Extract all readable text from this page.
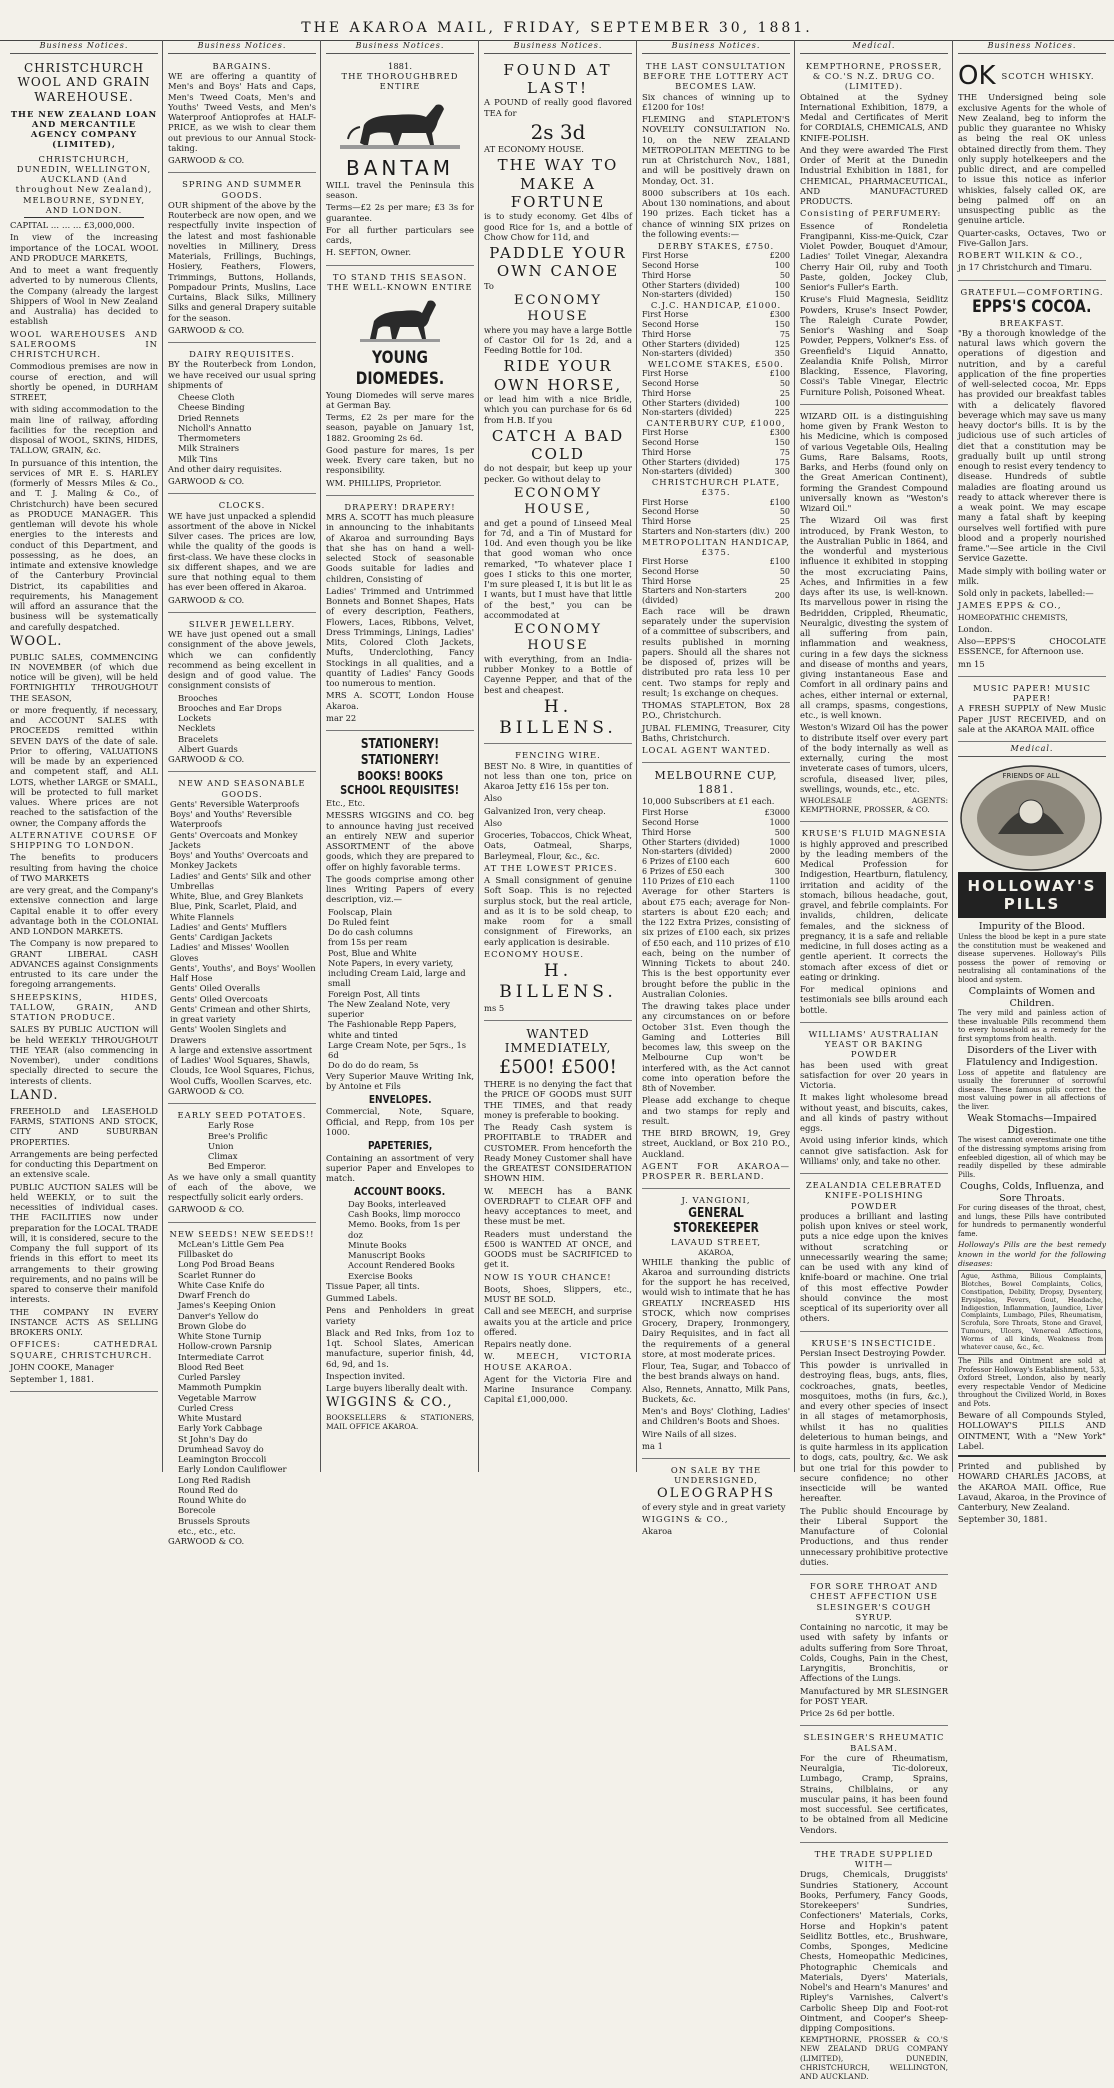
THE AKAROA MAIL, FRIDAY, SEPTEMBER 30, 1881.
Business Notices.
CHRISTCHURCH WOOL AND GRAIN WAREHOUSE.
THE NEW ZEALAND LOAN AND MERCANTILE AGENCY COMPANY (LIMITED),
CHRISTCHURCH, DUNEDIN, WELLINGTON, AUCKLAND (And throughout New Zealand), MELBOURNE, SYDNEY, AND LONDON.

CAPITAL … … … £3,000,000.

In view of the increasing importance of the LOCAL WOOL AND PRODUCE MARKETS,

And to meet a want frequently adverted to by numerous Clients, the Company (already the largest Shippers of Wool in New Zealand and Australia) has decided to establish

WOOL WAREHOUSES AND SALEROOMS IN CHRISTCHURCH.

Commodious premises are now in course of erection, and will shortly be opened, in DURHAM STREET,

with siding accommodation to the main line of railway, affording facilities for the reception and disposal of WOOL, SKINS, HIDES, TALLOW, GRAIN, &c.

In pursuance of this intention, the services of MR E. S. HARLEY (formerly of Messrs Miles & Co., and T. J. Maling & Co., of Christchurch) have been secured as PRODUCE MANAGER. This gentleman will devote his whole energies to the interests and conduct of this Department, and possessing, as he does, an intimate and extensive knowledge of the Canterbury Provincial District, its capabilities and requirements, his Management will afford an assurance that the business will be systematically and carefully despatched.

WOOL.

PUBLIC SALES, COMMENCING IN NOVEMBER (of which due notice will be given), will be held FORTNIGHTLY THROUGHOUT THE SEASON,

or more frequently, if necessary, and ACCOUNT SALES with PROCEEDS remitted within SEVEN DAYS of the date of sale. Prior to offering, VALUATIONS will be made by an experienced and competent staff, and ALL LOTS, whether LARGE or SMALL, will be protected to full market values. Where prices are not reached to the satisfaction of the owner, the Company affords the

ALTERNATIVE COURSE OF SHIPPING TO LONDON.

The benefits to producers resulting from having the choice of TWO MARKETS

are very great, and the Company's extensive connection and large Capital enable it to offer every advantage both in the COLONIAL AND LONDON MARKETS.

The Company is now prepared to GRANT LIBERAL CASH ADVANCES against Consignments entrusted to its care under the foregoing arrangements.

SHEEPSKINS, HIDES, TALLOW, GRAIN, AND STATION PRODUCE.

SALES BY PUBLIC AUCTION will be held WEEKLY THROUGHOUT THE YEAR (also commencing in November), under conditions specially directed to secure the interests of clients.

LAND.

FREEHOLD and LEASEHOLD FARMS, STATIONS AND STOCK, CITY AND SUBURBAN PROPERTIES.

Arrangements are being perfected for conducting this Department on an extensive scale.

PUBLIC AUCTION SALES will be held WEEKLY, or to suit the necessities of individual cases. THE FACILITIES now under preparation for the LOCAL TRADE will, it is considered, secure to the Company the full support of its friends in this effort to meet its arrangements to their growing requirements, and no pains will be spared to conserve their manifold interests.

THE COMPANY IN EVERY INSTANCE ACTS AS SELLING BROKERS ONLY.

OFFICES: CATHEDRAL SQUARE, CHRISTCHURCH.

JOHN COOKE, Manager

September 1, 1881.

Business Notices.
BARGAINS.

WE are offering a quantity of Men's and Boys' Hats and Caps, Men's Tweed Coats, Men's and Youths' Tweed Vests, and Men's Waterproof Antioprofes at HALF-PRICE, as we wish to clear them out previous to our Annual Stock-taking.

GARWOOD & CO.

SPRING AND SUMMER GOODS.

OUR shipment of the above by the Routerbeck are now open, and we respectfully invite inspection of the latest and most fashionable novelties in Millinery, Dress Materials, Frillings, Buchings, Hosiery, Feathers, Flowers, Trimmings, Buttons, Hollands, Pompadour Prints, Muslins, Lace Curtains, Black Silks, Millinery Silks and general Drapery suitable for the season.

GARWOOD & CO.

DAIRY REQUISITES.

BY the Routerbeck from London, we have received our usual spring shipments of

Cheese Cloth
Cheese Binding
Dried Rennets
Nicholl's Annatto
Thermometers
Milk Strainers
Milk Tins

And other dairy requisites.

GARWOOD & CO.

CLOCKS.

WE have just unpacked a splendid assortment of the above in Nickel Silver cases. The prices are low, while the quality of the goods is first-class. We have these clocks in six different shapes, and we are sure that nothing equal to them has ever been offered in Akaroa.

GARWOOD & CO.

SILVER JEWELLERY.

WE have just opened out a small consignment of the above jewels, which we can confidently recommend as being excellent in design and of good value. The consignment consists of

Brooches
Brooches and Ear Drops
Lockets
Necklets
Bracelets
Albert Guards

GARWOOD & CO.

NEW AND SEASONABLE GOODS.
Gents' Reversible Waterproofs
Boys' and Youths' Reversible Waterproofs
Gents' Overcoats and Monkey Jackets
Boys' and Youths' Overcoats and Monkey Jackets
Ladies' and Gents' Silk and other Umbrellas
White, Blue, and Grey Blankets
Blue, Pink, Scarlet, Plaid, and White Flannels
Ladies' and Gents' Mufflers
Gents' Cardigan Jackets
Ladies' and Misses' Woollen Gloves
Gents', Youths', and Boys' Woollen Half Hose
Gents' Oiled Overalls
Gents' Oiled Overcoats
Gents' Crimean and other Shirts, in great variety
Gents' Woolen Singlets and Drawers
A large and extensive assortment of Ladies' Wool Squares, Shawls, Clouds, Ice Wool Squares, Fichus, Wool Cuffs, Woollen Scarves, etc.

GARWOOD & CO.

EARLY SEED POTATOES.
Early Rose
Bree's Prolific
Union
Climax
Bed Emperor.

As we have only a small quantity of each of the above, we respectfully solicit early orders.

GARWOOD & CO.

NEW SEEDS! NEW SEEDS!!
McLean's Little Gem Pea
Fillbasket do
Long Pod Broad Beans
Scarlet Runner do
White Case Knife do
Dwarf French do
James's Keeping Onion
Danver's Yellow do
Brown Globe do
White Stone Turnip
Hollow-crown Parsnip
Intermediate Carrot
Blood Red Beet
Curled Parsley
Mammoth Pumpkin
Vegetable Marrow
Curled Cress
White Mustard
Early York Cabbage
St John's Day do
Drumhead Savoy do
Leamington Broccoli
Early London Cauliflower
Long Red Radish
Round Red do
Round White do
Borecole
Brussels Sprouts
etc., etc., etc.

GARWOOD & CO.

Business Notices.
1881.
THE THOROUGHBRED ENTIRE
BANTAM

WILL travel the Peninsula this season.

Terms—£2 2s per mare; £3 3s for guarantee.

For all further particulars see cards,

H. SEFTON, Owner.

TO STAND THIS SEASON.
THE WELL-KNOWN ENTIRE
YOUNG DIOMEDES.

Young Diomedes will serve mares at German Bay.

Terms, £2 2s per mare for the season, payable on January 1st, 1882. Grooming 2s 6d.

Good pasture for mares, 1s per week. Every care taken, but no responsibility.

WM. PHILLIPS, Proprietor.

DRAPERY! DRAPERY!

MRS A. SCOTT has much pleasure in announcing to the inhabitants of Akaroa and surrounding Bays that she has on hand a well-selected Stock of seasonable Goods suitable for ladies and children, Consisting of

Ladies' Trimmed and Untrimmed Bonnets and Bonnet Shapes, Hats of every description, Feathers, Flowers, Laces, Ribbons, Velvet, Dress Trimmings, Linings, Ladies' Mits, Colored Cloth Jackets, Mufts, Underclothing, Fancy Stockings in all qualities, and a quantity of Ladies' Fancy Goods too numerous to mention.

MRS A. SCOTT, London House Akaroa.

mar 22

STATIONERY! STATIONERY!
BOOKS! BOOKS
SCHOOL REQUISITES!

Etc., Etc.

MESSRS WIGGINS and CO. beg to announce having just received an entirely NEW and superior ASSORTMENT of the above goods, which they are prepared to offer on highly favorable terms.

The goods comprise among other lines Writing Papers of every description, viz.—

Foolscap, Plain
Do Ruled feint
Do do cash columns
from 15s per ream
Post, Blue and White
Note Papers, in every variety, including Cream Laid, large and small
Foreign Post, All tints
The New Zealand Note, very superior
The Fashionable Repp Papers, white and tinted
Large Cream Note, per 5qrs., 1s 6d
Do do do do ream, 5s

Very Superior Mauve Writing Ink, by Antoine et Fils

ENVELOPES.

Commercial, Note, Square, Official, and Repp, from 10s per 1000.

PAPETERIES,

Containing an assortment of very superior Paper and Envelopes to match.

ACCOUNT BOOKS.
Day Books, interleaved
Cash Books, limp morocco
Memo. Books, from 1s per doz
Minute Books
Manuscript Books
Account Rendered Books
Exercise Books

Tissue Paper, all tints.

Gummed Labels.

Pens and Penholders in great variety

Black and Red Inks, from 1oz to 1qt. School Slates, American manufacture, superior finish, 4d, 6d, 9d, and 1s.

Inspection invited.

Large buyers liberally dealt with.

WIGGINS & CO.,

BOOKSELLERS & STATIONERS, MAIL OFFICE AKAROA.

Business Notices.
FOUND AT LAST!

A POUND of really good flavored TEA for

2s 3d

AT ECONOMY HOUSE.

THE WAY TO MAKE A FORTUNE

is to study economy. Get 4lbs of good Rice for 1s, and a bottle of Chow Chow for 11d, and

PADDLE YOUR OWN CANOE

To

ECONOMY HOUSE

where you may have a large Bottle of Castor Oil for 1s 2d, and a Feeding Bottle for 10d.

RIDE YOUR OWN HORSE,

or lead him with a nice Bridle, which you can purchase for 6s 6d from H.B. If you

CATCH A BAD COLD

do not despair, but keep up your pecker. Go without delay to

ECONOMY HOUSE,

and get a pound of Linseed Meal for 7d, and a Tin of Mustard for 10d. And even though you be like that good woman who once remarked, "To whatever place I goes I sticks to this one morter, I'm sure pleased I, it is but lit le as I wants, but I must have that little of the best," you can be accommodated at

ECONOMY HOUSE

with everything, from an India-rubber Monkey to a Bottle of Cayenne Pepper, and that of the best and cheapest.

H. BILLENS.
FENCING WIRE.

BEST No. 8 Wire, in quantities of not less than one ton, price on Akaroa Jetty £16 15s per ton.

Also

Galvanized Iron, very cheap.

Also

Groceries, Tobaccos, Chick Wheat, Oats, Oatmeal, Sharps, Barleymeal, Flour, &c., &c.

AT THE LOWEST PRICES.

A Small consignment of genuine Soft Soap. This is no rejected surplus stock, but the real article, and as it is to be sold cheap, to make room for a small consignment of Fireworks, an early application is desirable.

ECONOMY HOUSE.

H. BILLENS.

ms 5

WANTED IMMEDIATELY,
£500! £500!

THERE is no denying the fact that the PRICE OF GOODS must SUIT THE TIMES, and that ready money is preferable to booking.

The Ready Cash system is PROFITABLE to TRADER and CUSTOMER. From henceforth the Ready Money Customer shall have the GREATEST CONSIDERATION SHOWN HIM.

W. MEECH has a BANK OVERDRAFT to CLEAR OFF and heavy acceptances to meet, and these must be met.

Readers must understand the £500 is WANTED AT ONCE, and GOODS must be SACRIFICED to get it.

NOW IS YOUR CHANCE!

Boots, Shoes, Slippers, etc., MUST BE SOLD.

Call and see MEECH, and surprise awaits you at the article and price offered.

Repairs neatly done.

W. MEECH, VICTORIA HOUSE AKAROA.

Agent for the Victoria Fire and Marine Insurance Company. Capital £1,000,000.

Business Notices.
THE LAST CONSULTATION BEFORE THE LOTTERY ACT BECOMES LAW.

Six chances of winning up to £1200 for 10s!

FLEMING and STAPLETON'S NOVELTY CONSULTATION No. 10, on the NEW ZEALAND METROPOLITAN MEETING to be run at Christchurch Nov., 1881, and will be positively drawn on Monday, Oct. 31.

8000 subscribers at 10s each. About 130 nominations, and about 190 prizes. Each ticket has a chance of winning SIX prizes on the following events:—

DERBY STAKES, £750.
First Horse	£200
Second Horse	100
Third Horse	50
Other Starters (divided)	100
Non-starters (divided)	150
C.J.C. HANDICAP, £1000.
First Horse	£300
Second Horse	150
Third Horse	75
Other Starters (divided)	125
Non-starters (divided)	350
WELCOME STAKES, £500.
First Horse	£100
Second Horse	50
Third Horse	25
Other Starters (divided)	100
Non-starters (divided)	225
CANTERBURY CUP, £1000,
First Horse	£300
Second Horse	150
Third Horse	75
Other Starters (divided)	175
Non-starters (divided)	300
CHRISTCHURCH PLATE, £375.
First Horse	£100
Second Horse	50
Third Horse	25
Starters and Non-starters (div.)	200
METROPOLITAN HANDICAP, £375.
First Horse	£100
Second Horse	50
Third Horse	25
Starters and Non-starters (divided)	200

Each race will be drawn separately under the supervision of a committee of subscribers, and results published in morning papers. Should all the shares not be disposed of, prizes will be distributed pro rata less 10 per cent. Two stamps for reply and result; 1s exchange on cheques.

THOMAS STAPLETON, Box 28 P.O., Christchurch.

JUBAL FLEMING, Treasurer, City Baths, Christchurch.

LOCAL AGENT WANTED.

MELBOURNE CUP, 1881.

10,000 Subscribers at £1 each.

First Horse	£3000
Second Horse	1000
Third Horse	500
Other Starters (divided)	1000
Non-starters (divided)	2000
6 Prizes of £100 each	600
6 Prizes of £50 each	300
110 Prizes of £10 each	1100

Average for other Starters is about £75 each; average for Non-starters is about £20 each; and the 122 Extra Prizes, consisting of six prizes of £100 each, six prizes of £50 each, and 110 prizes of £10 each, being on the number of Winning Tickets to about 240. This is the best opportunity ever brought before the public in the Australian Colonies.

The drawing takes place under any circumstances on or before October 31st. Even though the Gaming and Lotteries Bill becomes law, this sweep on the Melbourne Cup won't be interfered with, as the Act cannot come into operation before the 8th of November.

Please add exchange to cheque and two stamps for reply and result.

THE BIRD BROWN, 19, Grey street, Auckland, or Box 210 P.O., Auckland.

AGENT FOR AKAROA—PROSPER R. BERLAND.

J. VANGIONI,
GENERAL STOREKEEPER
LAVAUD STREET,
AKAROA,

WHILE thanking the public of Akaroa and surrounding districts for the support he has received, would wish to intimate that he has GREATLY INCREASED HIS STOCK, which now comprises Grocery, Drapery, Ironmongery, Dairy Requisites, and in fact all the requirements of a general store, at most moderate prices.

Flour, Tea, Sugar, and Tobacco of the best brands always on hand.

Also, Rennets, Annatto, Milk Pans, Buckets, &c.

Men's and Boys' Clothing, Ladies' and Children's Boots and Shoes.

Wire Nails of all sizes.

ma 1

ON SALE BY THE UNDERSIGNED,
OLEOGRAPHS

of every style and in great variety

WIGGINS & CO.,

Akaroa

Medical.
KEMPTHORNE, PROSSER, & CO.'S N.Z. DRUG CO. (LIMITED).

Obtained at the Sydney International Exhibition, 1879, a Medal and Certificates of Merit for CORDIALS, CHEMICALS, AND KNIFE-POLISH.

And they were awarded The First Order of Merit at the Dunedin Industrial Exhibition in 1881, for CHEMICAL, PHARMACEUTICAL, AND MANUFACTURED PRODUCTS.

Consisting of PERFUMERY:

Essence of Rondeletia Frangipanni, Kiss-me-Quick, Czar Violet Powder, Bouquet d'Amour, Ladies' Toilet Vinegar, Alexandra Cherry Hair Oil, ruby and Tooth Paste, golden, Jockey Club, Senior's Fuller's Earth.

Kruse's Fluid Magnesia, Seidlitz Powders, Kruse's Insect Powder, The Raleigh Curate Powder, Senior's Washing and Soap Powder, Peppers, Volkner's Ess. of Greenfield's Liquid Annatto, Zealandia Knife Polish, Mirror Blacking, Essence, Flavoring, Cossi's Table Vinegar, Electric Furniture Polish, Poisoned Wheat.

WIZARD OIL is a distinguishing home given by Frank Weston to his Medicine, which is composed of various Vegetable Oils, Healing Gums, Rare Balsams, Roots, Barks, and Herbs (found only on the Great American Continent), forming the Grandest Compound universally known as "Weston's Wizard Oil."

The Wizard Oil was first introduced, by Frank Weston, to the Australian Public in 1864, and the wonderful and mysterious influence it exhibited in stopping the most excruciating Pains, Aches, and Infirmities in a few days after its use, is well-known. Its marvellous power in rising the Bedridden, Crippled, Rheumatic, Neuralgic, divesting the system of all suffering from pain, inflammation and weakness, curing in a few days the sickness and disease of months and years, giving instantaneous Ease and Comfort in all ordinary pains and aches, either internal or external, all cramps, spasms, congestions, etc., is well known.

Weston's Wizard Oil has the power to distribute itself over every part of the body internally as well as externally, curing the most inveterate cases of tumors, ulcers, scrofula, diseased liver, piles, swellings, wounds, etc., etc.

WHOLESALE AGENTS: KEMPTHORNE, PROSSER, & CO.

KRUSE'S FLUID MAGNESIA

is highly approved and prescribed by the leading members of the Medical Profession for Indigestion, Heartburn, flatulency, irritation and acidity of the stomach, bilious headache, gout, gravel, and febrile complaints. For invalids, children, delicate females, and the sickness of pregnancy, it is a safe and reliable medicine, in full doses acting as a gentle aperient. It corrects the stomach after excess of diet or eating or drinking.

For medical opinions and testimonials see bills around each bottle.

WILLIAMS' AUSTRALIAN YEAST OR BAKING POWDER

has been used with great satisfaction for over 20 years in Victoria.

It makes light wholesome bread without yeast, and biscuits, cakes, and all kinds of pastry without eggs.

Avoid using inferior kinds, which cannot give satisfaction. Ask for Williams' only, and take no other.

ZEALANDIA CELEBRATED KNIFE-POLISHING POWDER

produces a brilliant and lasting polish upon knives or steel work, puts a nice edge upon the knives without scratching or unnecessarily wearing the same; can be used with any kind of knife-board or machine. One trial of this most effective Powder should convince the most sceptical of its superiority over all others.

KRUSE'S INSECTICIDE.

Persian Insect Destroying Powder.

This powder is unrivalled in destroying fleas, bugs, ants, flies, cockroaches, gnats, beetles, mosquitoes, moths (in furs, &c.), and every other species of insect in all stages of metamorphosis, whilst it has no qualities deleterious to human beings, and is quite harmless in its application to dogs, cats, poultry, &c. We ask but one trial for this powder to secure confidence; no other insecticide will be wanted hereafter.

The Public should Encourage by their Liberal Support the Manufacture of Colonial Productions, and thus render unnecessary prohibitive protective duties.

FOR SORE THROAT AND CHEST AFFECTION USE SLESINGER'S COUGH SYRUP.

Containing no narcotic, it may be used with safety by infants or adults suffering from Sore Throat, Colds, Coughs, Pain in the Chest, Laryngitis, Bronchitis, or Affections of the Lungs.

Manufactured by MR SLESINGER for POST YEAR.

Price 2s 6d per bottle.

SLESINGER'S RHEUMATIC BALSAM.

For the cure of Rheumatism, Neuralgia, Tic-doloreux, Lumbago, Cramp, Sprains, Strains, Chilblains, or any muscular pains, it has been found most successful. See certificates, to be obtained from all Medicine Vendors.

THE TRADE SUPPLIED WITH—

Drugs, Chemicals, Druggists' Sundries Stationery, Account Books, Perfumery, Fancy Goods, Storekeepers' Sundries, Confectioners' Materials, Corks, Horse and Hopkin's patent Seidlitz Bottles, etc., Brushware, Combs, Sponges, Medicine Chests, Homeopathic Medicines, Photographic Chemicals and Materials, Dyers' Materials, Nobel's and Hearn's Manures' and Ripley's Varnishes, Calvert's Carbolic Sheep Dip and Foot-rot Ointment, and Cooper's Sheep-dipping Compositions.

KEMPTHORNE, PROSSER & CO.'S NEW ZEALAND DRUG COMPANY (LIMITED), DUNEDIN, CHRISTCHURCH, WELLINGTON, AND AUCKLAND.

Business Notices.
OK SCOTCH WHISKY.

THE Undersigned being sole exclusive Agents for the whole of New Zealand, beg to inform the public they guarantee no Whisky as being the real OK unless obtained directly from them. They only supply hotelkeepers and the public direct, and are compelled to issue this notice as inferior whiskies, falsely called OK, are being palmed off on an unsuspecting public as the genuine article.

Quarter-casks, Octaves, Two or Five-Gallon Jars.

ROBERT WILKIN & CO.,

jn 17 Christchurch and Timaru.

GRATEFUL—COMFORTING.
EPPS'S COCOA.
BREAKFAST.

"By a thorough knowledge of the natural laws which govern the operations of digestion and nutrition, and by a careful application of the fine properties of well-selected cocoa, Mr. Epps has provided our breakfast tables with a delicately flavored beverage which may save us many heavy doctor's bills. It is by the judicious use of such articles of diet that a constitution may be gradually built up until strong enough to resist every tendency to disease. Hundreds of subtle maladies are floating around us ready to attack wherever there is a weak point. We may escape many a fatal shaft by keeping ourselves well fortified with pure blood and a properly nourished frame."—See article in the Civil Service Gazette.

Made simply with boiling water or milk.

Sold only in packets, labelled:—

JAMES EPPS & CO.,

HOMEOPATHIC CHEMISTS,

London.

Also—EPPS'S CHOCOLATE ESSENCE, for Afternoon use.

mn 15

MUSIC PAPER! MUSIC PAPER!

A FRESH SUPPLY of New Music Paper JUST RECEIVED, and on sale at the AKAROA MAIL office

Medical.
FRIENDS OF ALL
HOLLOWAY'S PILLS
Impurity of the Blood.

Unless the blood be kept in a pure state the constitution must be weakened and disease supervenes. Holloway's Pills possess the power of removing or neutralising all contaminations of the blood and system.

Complaints of Women and Children.

The very mild and painless action of these invaluable Pills recommend them to every household as a remedy for the first symptoms from health.

Disorders of the Liver with Flatulency and Indigestion.

Loss of appetite and flatulency are usually the forerunner of sorrowful disease. These famous pills correct the most valuing power in all affections of the liver.

Weak Stomachs—Impaired Digestion.

The wisest cannot overestimate one tithe of the distressing symptoms arising from enfeebled digestion, all of which may be readily dispelled by these admirable Pills.

Coughs, Colds, Influenza, and Sore Throats.

For curing diseases of the throat, chest, and lungs, these Pills have contributed for hundreds to permanently wonderful fame.

Holloway's Pills are the best remedy known in the world for the following diseases:

Ague, Asthma, Bilious Complaints, Blotches, Bowel Complaints, Colics, Constipation, Debility, Dropsy, Dysentery, Erysipelas, Fevers, Gout, Headache, Indigestion, Inflammation, Jaundice, Liver Complaints, Lumbago, Piles, Rheumatism, Scrofula, Sore Throats, Stone and Gravel, Tumours, Ulcers, Venereal Affections, Worms of all kinds, Weakness from whatever cause, &c., &c.

The Pills and Ointment are sold at Professor Holloway's Establishment, 533, Oxford Street, London, also by nearly every respectable Vendor of Medicine throughout the Civilized World, in Boxes and Pots.

Beware of all Compounds Styled, HOLLOWAY'S PILLS AND OINTMENT, With a "New York" Label.

Printed and published by HOWARD CHARLES JACOBS, at the AKAROA MAIL Office, Rue Lavaud, Akaroa, in the Province of Canterbury, New Zealand.

September 30, 1881.
